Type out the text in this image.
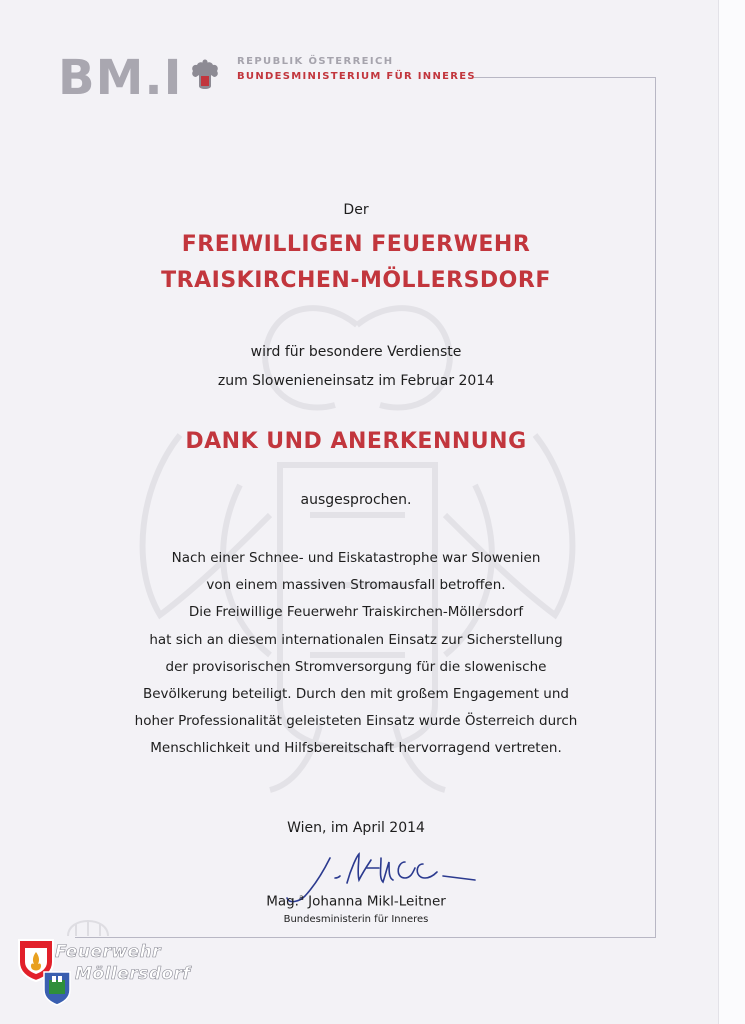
BM.I	REPUBLIK ÖSTERREICH
BUNDESMINISTERIUM FÜR INNERES
Der
FREIWILLIGEN FEUERWEHR
TRAISKIRCHEN-MÖLLERSDORF
wird für besondere Verdienste
zum Slowenieneinsatz im Februar 2014
DANK UND ANERKENNUNG
ausgesprochen.
Nach einer Schnee- und Eiskatastrophe war Slowenien
von einem massiven Stromausfall betroffen.
Die Freiwillige Feuerwehr Traiskirchen-Möllersdorf
hat sich an diesem internationalen Einsatz zur Sicherstellung
der provisorischen Stromversorgung für die slowenische
Bevölkerung beteiligt. Durch den mit großem Engagement und
hoher Professionalität geleisteten Einsatz wurde Österreich durch
Menschlichkeit und Hilfsbereitschaft hervorragend vertreten.
Wien, im April 2014
Mag.$^a$ Johanna Mikl-Leitner
Bundesministerin für Inneres
Feuerwehr
Möllersdorf
